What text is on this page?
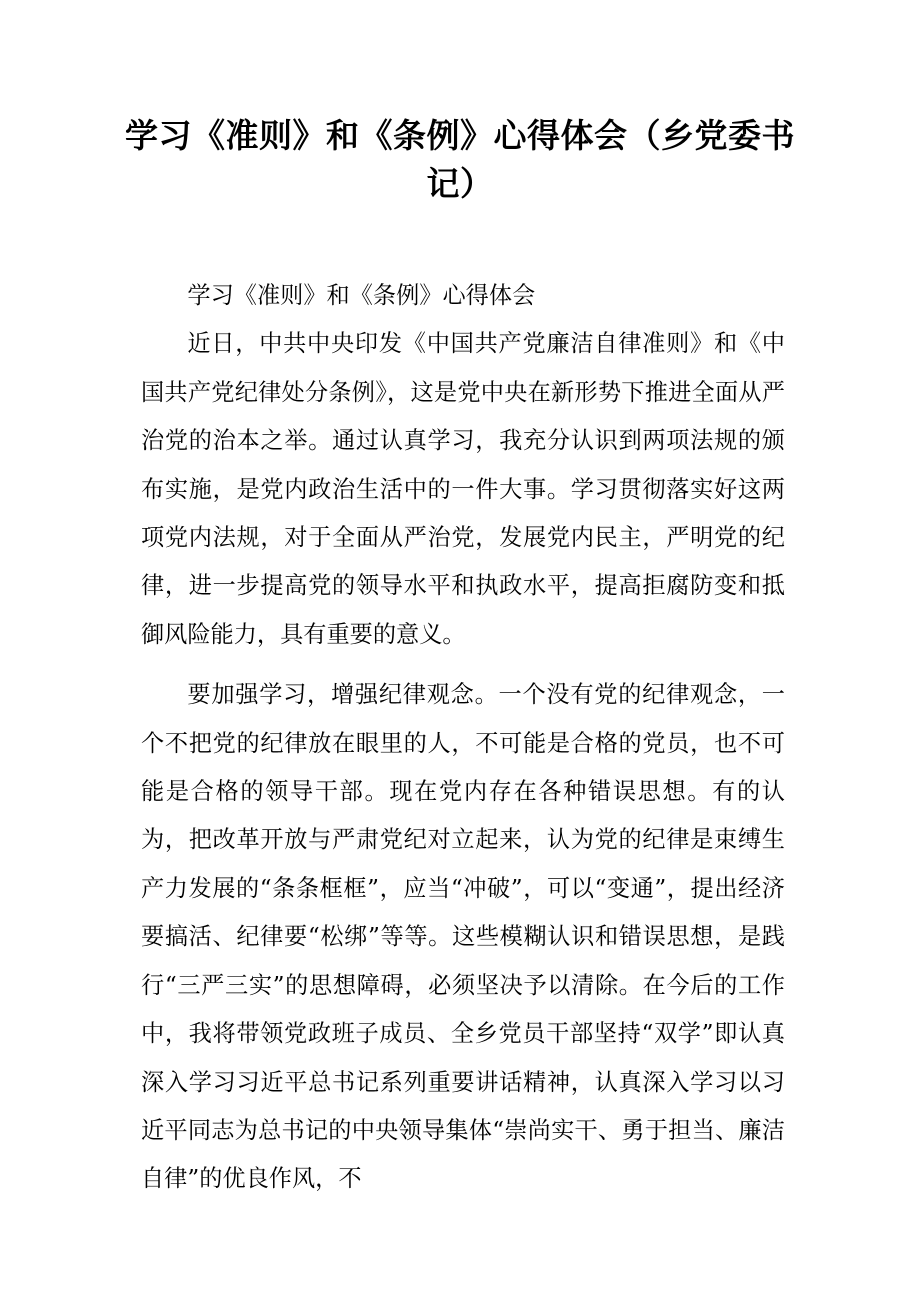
学习《准则》和《条例》心得体会（乡党委书记）

学习《准则》和《条例》心得体会

近日，中共中央印发《中国共产党廉洁自律准则》和《中国共产党纪律处分条例》，这是党中央在新形势下推进全面从严治党的治本之举。通过认真学习，我充分认识到两项法规的颁布实施，是党内政治生活中的一件大事。学习贯彻落实好这两项党内法规，对于全面从严治党，发展党内民主，严明党的纪律，进一步提高党的领导水平和执政水平，提高拒腐防变和抵御风险能力，具有重要的意义。

要加强学习，增强纪律观念。一个没有党的纪律观念，一个不把党的纪律放在眼里的人，不可能是合格的党员，也不可能是合格的领导干部。现在党内存在各种错误思想。有的认为，把改革开放与严肃党纪对立起来，认为党的纪律是束缚生产力发展的“条条框框”，应当“冲破”，可以“变通”，提出经济要搞活、纪律要“松绑”等等。这些模糊认识和错误思想，是践行“三严三实”的思想障碍，必须坚决予以清除。在今后的工作中，我将带领党政班子成员、全乡党员干部坚持“双学”即认真深入学习习近平总书记系列重要讲话精神，认真深入学习以习近平同志为总书记的中央领导集体“崇尚实干、勇于担当、廉洁自律”的优良作风，不
